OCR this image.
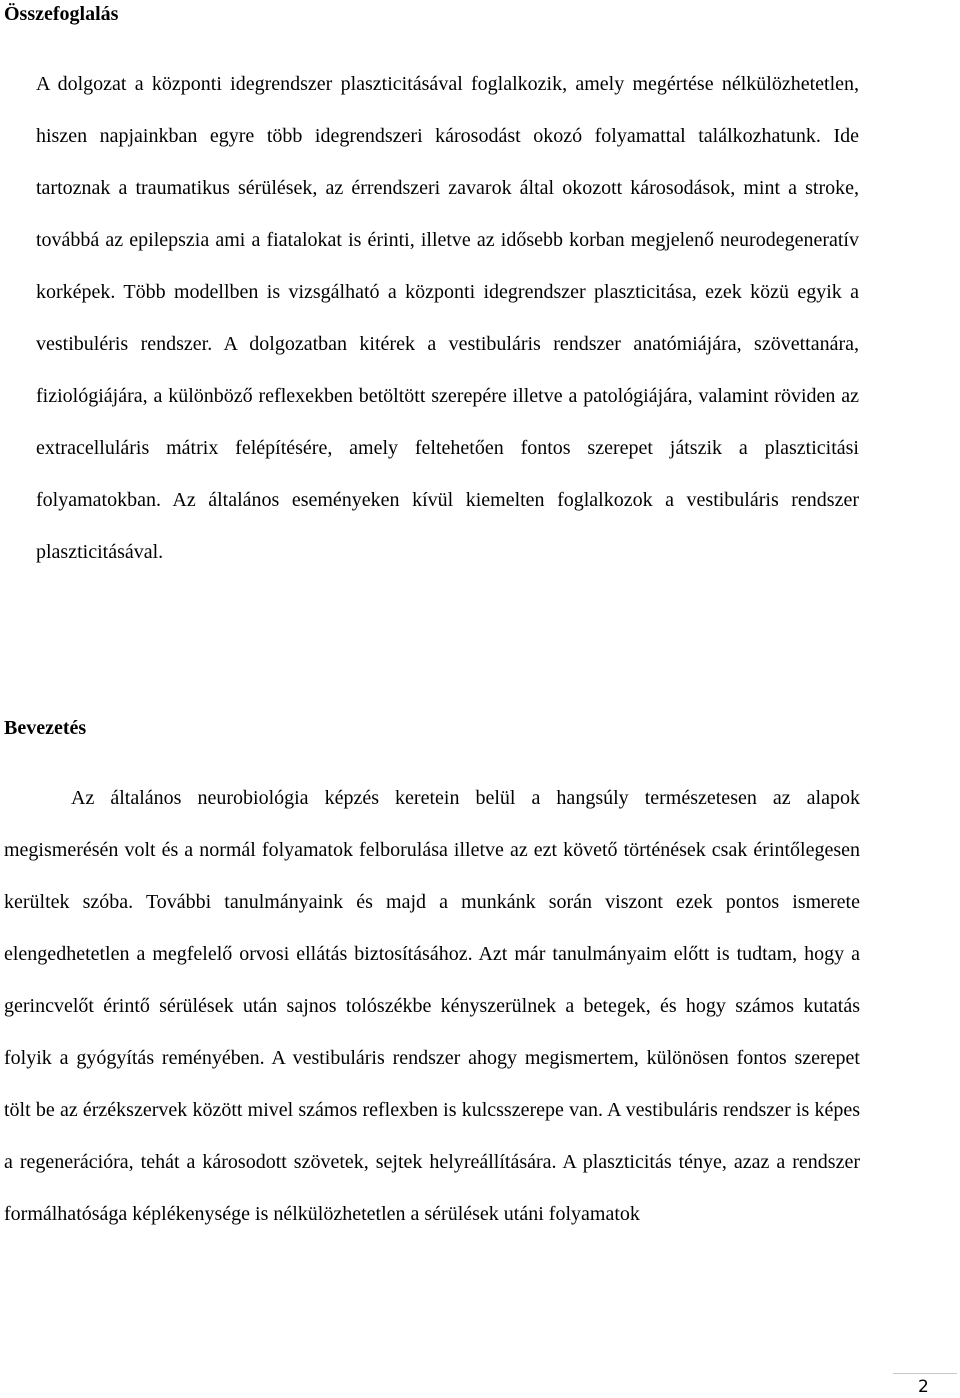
Összefoglalás

A dolgozat a központi idegrendszer plaszticitásával foglalkozik, amely megértése nélkülözhetetlen, hiszen napjainkban egyre több idegrendszeri károsodást okozó folyamattal találkozhatunk. Ide tartoznak a traumatikus sérülések, az érrendszeri zavarok által okozott károsodások, mint a stroke, továbbá az epilepszia ami a fiatalokat is érinti, illetve az idősebb korban megjelenő neurodegeneratív korképek. Több modellben is vizsgálható a központi idegrendszer plaszticitása, ezek közü egyik a vestibuléris rendszer. A dolgozatban kitérek a vestibuláris rendszer anatómiájára, szövettanára, fiziológiájára, a különböző reflexekben betöltött szerepére illetve a patológiájára, valamint röviden az extracelluláris mátrix felépítésére, amely feltehetően fontos szerepet játszik a plaszticitási folyamatokban. Az általános eseményeken kívül kiemelten foglalkozok a vestibuláris rendszer plaszticitásával.

Bevezetés

Az általános neurobiológia képzés keretein belül a hangsúly természetesen az alapok megismerésén volt és a normál folyamatok felborulása illetve az ezt követő történések csak érintőlegesen kerültek szóba. További tanulmányaink és majd a munkánk során viszont ezek pontos ismerete elengedhetetlen a megfelelő orvosi ellátás biztosításához. Azt már tanulmányaim előtt is tudtam, hogy a gerincvelőt érintő sérülések után sajnos tolószékbe kényszerülnek a betegek, és hogy számos kutatás folyik a gyógyítás reményében. A vestibuláris rendszer ahogy megismertem, különösen fontos szerepet tölt be az érzékszervek között mivel számos reflexben is kulcsszerepe van. A vestibuláris rendszer is képes a regenerációra, tehát a károsodott szövetek, sejtek helyreállítására. A plaszticitás ténye, azaz a rendszer formálhatósága képlékenysége is nélkülözhetetlen a sérülések utáni folyamatok

2
